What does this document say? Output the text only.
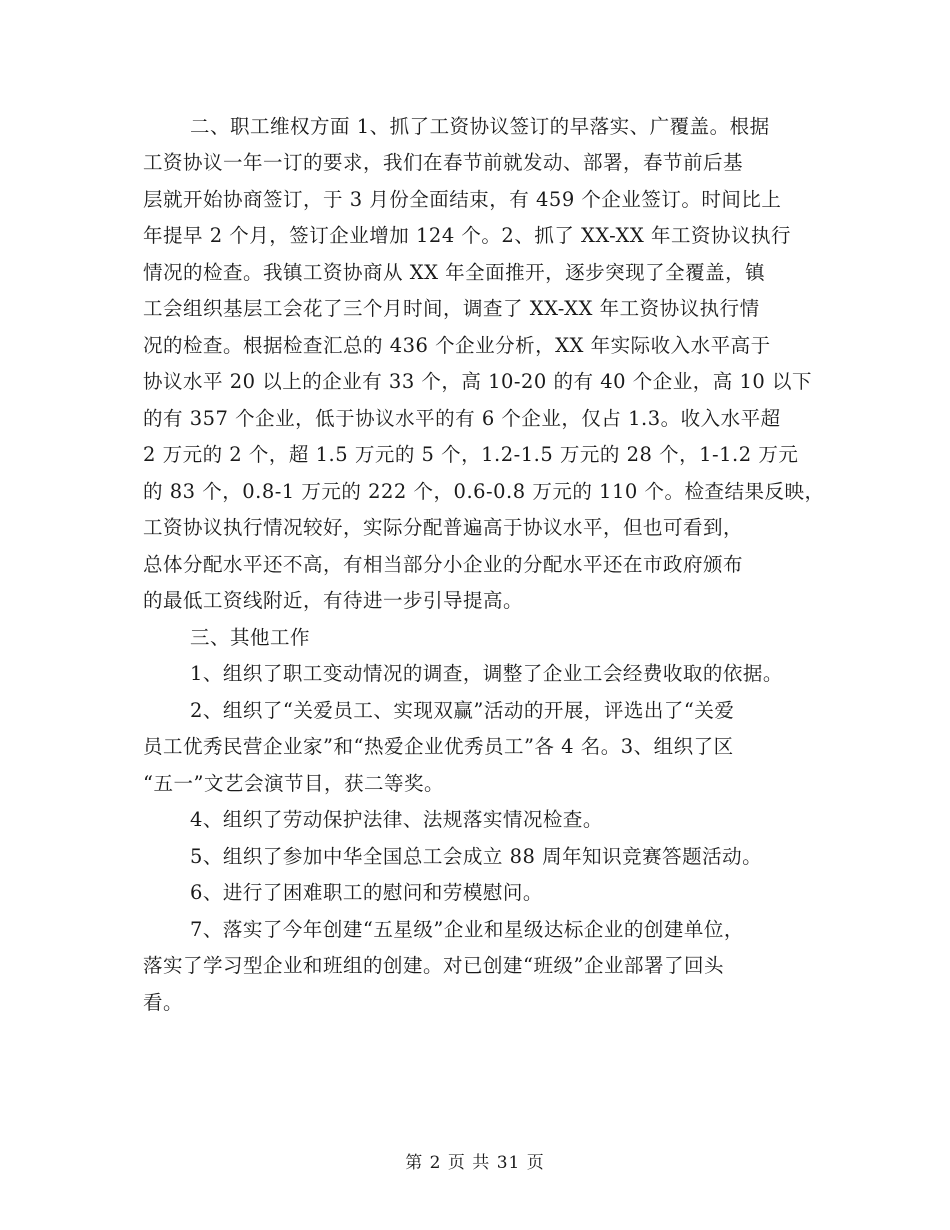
二、职工维权方面 1、抓了工资协议签订的早落实、广覆盖。根据
工资协议一年一订的要求，我们在春节前就发动、部署，春节前后基
层就开始协商签订，于 3 月份全面结束，有 459 个企业签订。时间比上
年提早 2 个月，签订企业增加 124 个。2、抓了 XX-XX 年工资协议执行
情况的检查。我镇工资协商从 XX 年全面推开，逐步突现了全覆盖，镇
工会组织基层工会花了三个月时间，调查了 XX-XX 年工资协议执行情
况的检查。根据检查汇总的 436 个企业分析，XX 年实际收入水平高于
协议水平 20 以上的企业有 33 个，高 10-20 的有 40 个企业，高 10 以下
的有 357 个企业，低于协议水平的有 6 个企业，仅占 1.3。收入水平超
2 万元的 2 个，超 1.5 万元的 5 个，1.2-1.5 万元的 28 个，1-1.2 万元
的 83 个，0.8-1 万元的 222 个，0.6-0.8 万元的 110 个。检查结果反映，
工资协议执行情况较好，实际分配普遍高于协议水平，但也可看到，
总体分配水平还不高，有相当部分小企业的分配水平还在市政府颁布
的最低工资线附近，有待进一步引导提高。
三、其他工作
1、组织了职工变动情况的调查，调整了企业工会经费收取的依据。
2、组织了“关爱员工、实现双赢”活动的开展，评选出了“关爱
员工优秀民营企业家”和“热爱企业优秀员工”各 4 名。3、组织了区
“五一”文艺会演节目，获二等奖。
4、组织了劳动保护法律、法规落实情况检查。
5、组织了参加中华全国总工会成立 88 周年知识竞赛答题活动。
6、进行了困难职工的慰问和劳模慰问。
7、落实了今年创建“五星级”企业和星级达标企业的创建单位，
落实了学习型企业和班组的创建。对已创建“班级”企业部署了回头
看。
第 2 页 共 31 页
